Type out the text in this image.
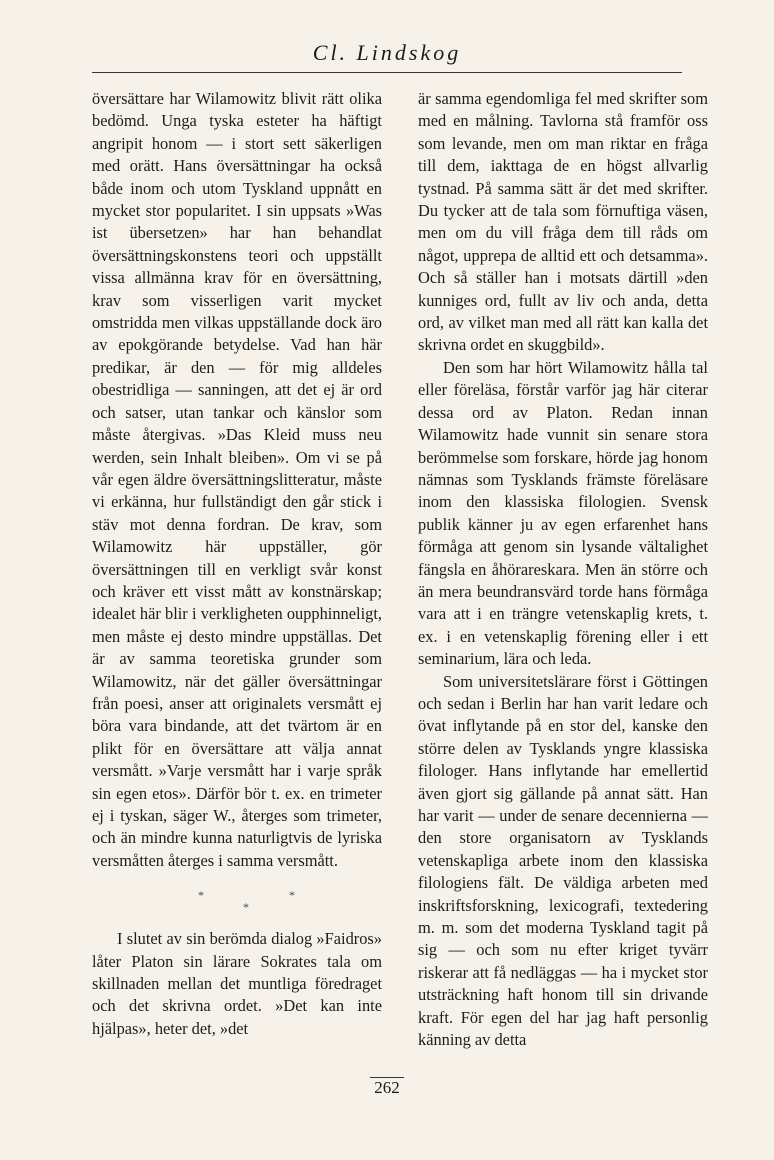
Cl. Lindskog

översättare har Wilamowitz blivit rätt olika bedömd. Unga tyska esteter ha häftigt angripit honom — i stort sett säkerligen med orätt. Hans översättningar ha också både inom och utom Tyskland uppnått en mycket stor popularitet. I sin uppsats »Was ist übersetzen» har han behandlat översättningskonstens teori och uppställt vissa allmänna krav för en översättning, krav som visserligen varit mycket omstridda men vilkas uppställande dock äro av epokgörande betydelse. Vad han här predikar, är den — för mig alldeles obestridliga — sanningen, att det ej är ord och satser, utan tankar och känslor som måste återgivas. »Das Kleid muss neu werden, sein Inhalt bleiben». Om vi se på vår egen äldre översättningslitteratur, måste vi erkänna, hur fullständigt den går stick i stäv mot denna fordran. De krav, som Wilamowitz här uppställer, gör översättningen till en verkligt svår konst och kräver ett visst mått av konstnärskap; idealet här blir i verkligheten oupphinneligt, men måste ej desto mindre uppställas. Det är av samma teoretiska grunder som Wilamowitz, när det gäller översättningar från poesi, anser att originalets versmått ej böra vara bindande, att det tvärtom är en plikt för en översättare att välja annat versmått. »Varje versmått har i varje språk sin egen etos». Därför bör t. ex. en trimeter ej i tyskan, säger W., återges som trimeter, och än mindre kunna naturligtvis de lyriska versmåtten återges i samma versmått.

*
*
*

I slutet av sin berömda dialog »Faidros» låter Platon sin lärare Sokrates tala om skillnaden mellan det muntliga föredraget och det skrivna ordet. »Det kan inte hjälpas», heter det, »det

är samma egendomliga fel med skrifter som med en målning. Tavlorna stå framför oss som levande, men om man riktar en fråga till dem, iakttaga de en högst allvarlig tystnad. På samma sätt är det med skrifter. Du tycker att de tala som förnuftiga väsen, men om du vill fråga dem till råds om något, upprepa de alltid ett och detsamma». Och så ställer han i motsats därtill »den kunniges ord, fullt av liv och anda, detta ord, av vilket man med all rätt kan kalla det skrivna ordet en skuggbild».

Den som har hört Wilamowitz hålla tal eller föreläsa, förstår varför jag här citerar dessa ord av Platon. Redan innan Wilamowitz hade vunnit sin senare stora berömmelse som forskare, hörde jag honom nämnas som Tysklands främste föreläsare inom den klassiska filologien. Svensk publik känner ju av egen erfarenhet hans förmåga att genom sin lysande vältalighet fängsla en åhörareskara. Men än större och än mera beundransvärd torde hans förmåga vara att i en trängre vetenskaplig krets, t. ex. i en vetenskaplig förening eller i ett seminarium, lära och leda.

Som universitetslärare först i Göttingen och sedan i Berlin har han varit ledare och övat inflytande på en stor del, kanske den större delen av Tysklands yngre klassiska filologer. Hans inflytande har emellertid även gjort sig gällande på annat sätt. Han har varit — under de senare decennierna — den store organisatorn av Tysklands vetenskapliga arbete inom den klassiska filologiens fält. De väldiga arbeten med inskriftsforskning, lexicografi, textedering m. m. som det moderna Tyskland tagit på sig — och som nu efter kriget tyvärr riskerar att få nedläggas — ha i mycket stor utsträckning haft honom till sin drivande kraft. För egen del har jag haft personlig känning av detta

262
